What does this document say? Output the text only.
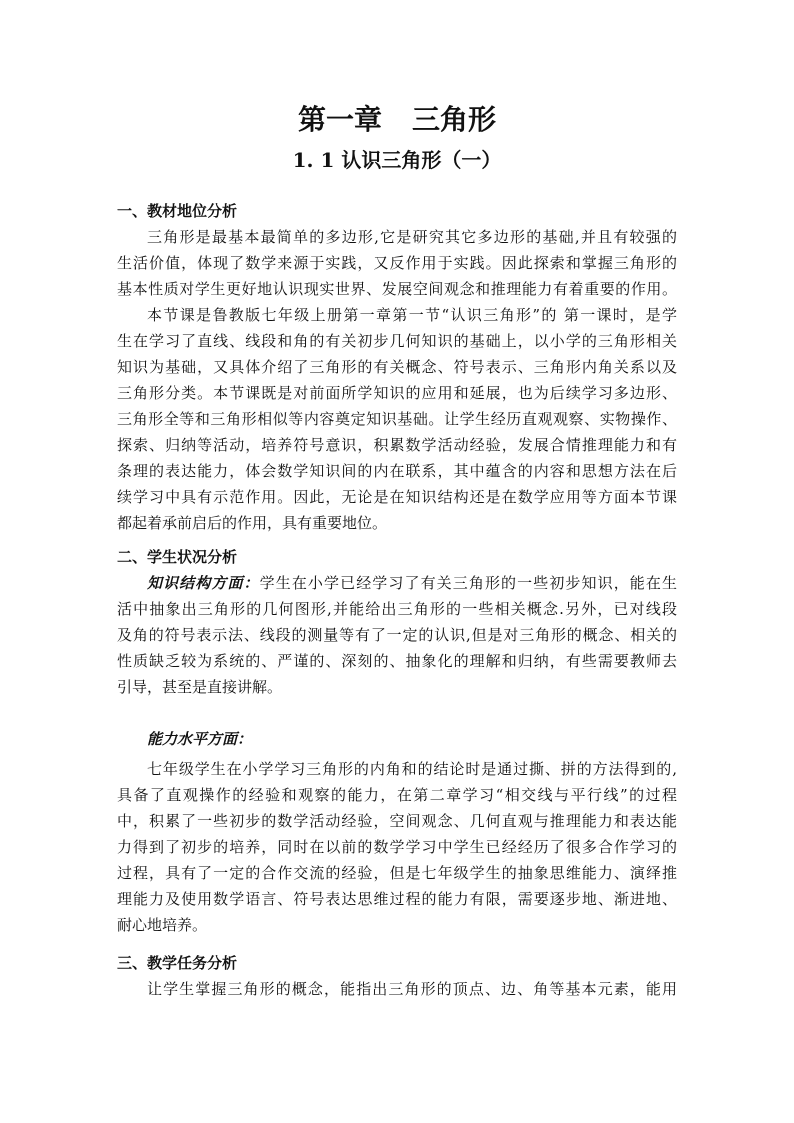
第一章 三角形
1. 1 认识三角形（一）
一、教材地位分析
三角形是最基本最简单的多边形,它是研究其它多边形的基础,并且有较强的
生活价值，体现了数学来源于实践，又反作用于实践。因此探索和掌握三角形的
基本性质对学生更好地认识现实世界、发展空间观念和推理能力有着重要的作用。
本节课是鲁教版七年级上册第一章第一节“认识三角形”的 第一课时，是学
生在学习了直线、线段和角的有关初步几何知识的基础上，以小学的三角形相关
知识为基础，又具体介绍了三角形的有关概念、符号表示、三角形内角关系以及
三角形分类。本节课既是对前面所学知识的应用和延展，也为后续学习多边形、
三角形全等和三角形相似等内容奠定知识基础。让学生经历直观观察、实物操作、
探索、归纳等活动，培养符号意识，积累数学活动经验，发展合情推理能力和有
条理的表达能力，体会数学知识间的内在联系，其中蕴含的内容和思想方法在后
续学习中具有示范作用。因此，无论是在知识结构还是在数学应用等方面本节课
都起着承前启后的作用，具有重要地位。
二、学生状况分析
知识结构方面：学生在小学已经学习了有关三角形的一些初步知识，能在生
活中抽象出三角形的几何图形,并能给出三角形的一些相关概念.另外，已对线段
及角的符号表示法、线段的测量等有了一定的认识,但是对三角形的概念、相关的
性质缺乏较为系统的、严谨的、深刻的、抽象化的理解和归纳，有些需要教师去
引导，甚至是直接讲解。
能力水平方面：
七年级学生在小学学习三角形的内角和的结论时是通过撕、拼的方法得到的,
具备了直观操作的经验和观察的能力，在第二章学习“相交线与平行线”的过程
中，积累了一些初步的数学活动经验，空间观念、几何直观与推理能力和表达能
力得到了初步的培养，同时在以前的数学学习中学生已经经历了很多合作学习的
过程，具有了一定的合作交流的经验，但是七年级学生的抽象思维能力、演绎推
理能力及使用数学语言、符号表达思维过程的能力有限，需要逐步地、渐进地、
耐心地培养。
三、教学任务分析
让学生掌握三角形的概念，能指出三角形的顶点、边、角等基本元素，能用
